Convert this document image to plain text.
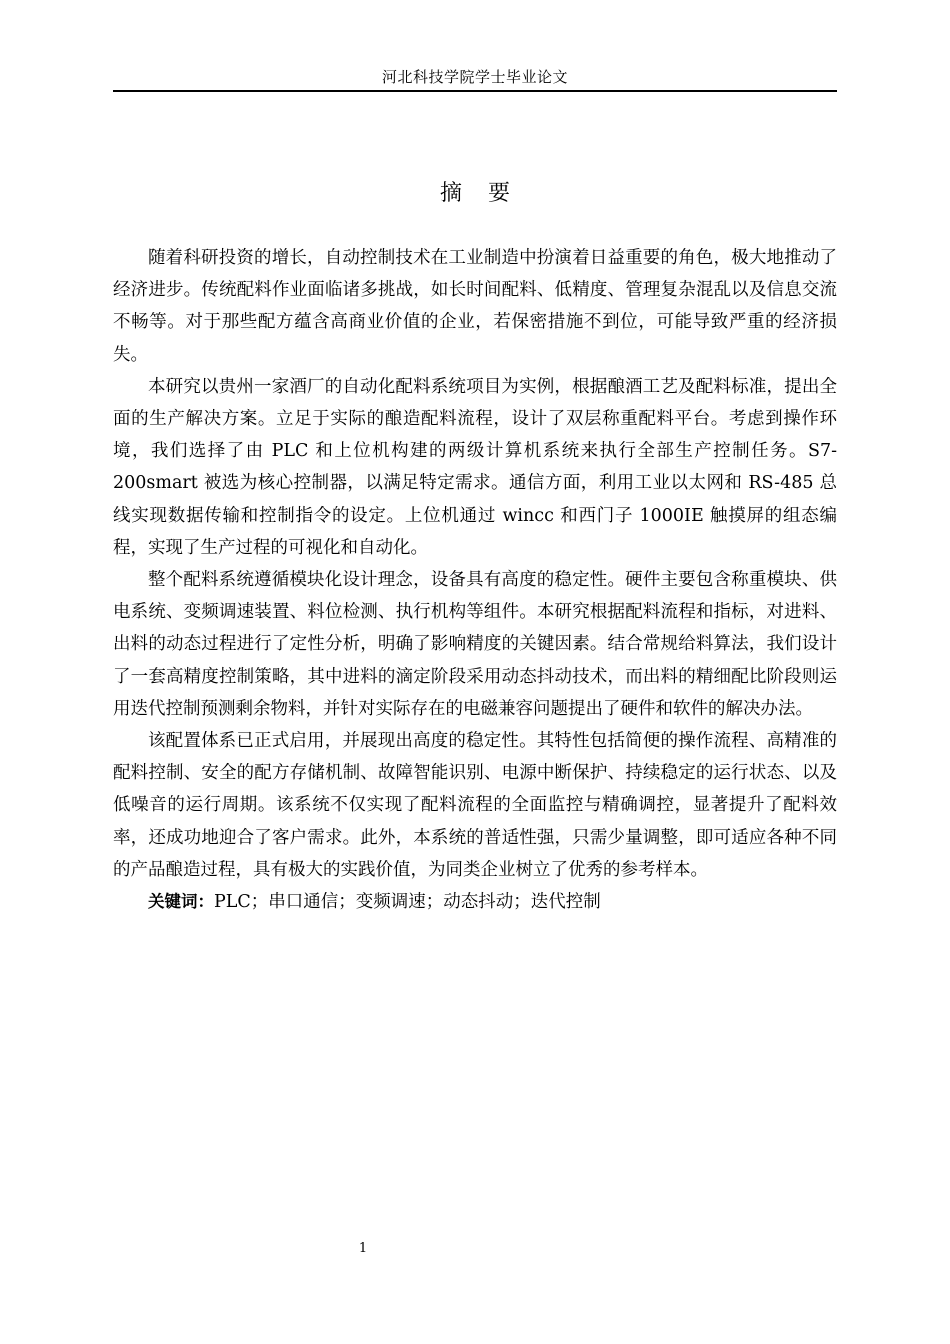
河北科技学院学士毕业论文
摘要

随着科研投资的增长，自动控制技术在工业制造中扮演着日益重要的角色，极大地推动了经济进步。传统配料作业面临诸多挑战，如长时间配料、低精度、管理复杂混乱以及信息交流不畅等。对于那些配方蕴含高商业价值的企业，若保密措施不到位，可能导致严重的经济损失。

本研究以贵州一家酒厂的自动化配料系统项目为实例，根据酿酒工艺及配料标准，提出全面的生产解决方案。立足于实际的酿造配料流程，设计了双层称重配料平台。考虑到操作环境，我们选择了由 PLC 和上位机构建的两级计算机系统来执行全部生产控制任务。S7-200smart 被选为核心控制器，以满足特定需求。通信方面，利用工业以太网和 RS-485 总线实现数据传输和控制指令的设定。上位机通过 wincc 和西门子 1000IE 触摸屏的组态编程，实现了生产过程的可视化和自动化。

整个配料系统遵循模块化设计理念，设备具有高度的稳定性。硬件主要包含称重模块、供电系统、变频调速装置、料位检测、执行机构等组件。本研究根据配料流程和指标，对进料、出料的动态过程进行了定性分析，明确了影响精度的关键因素。结合常规给料算法，我们设计了一套高精度控制策略，其中进料的滴定阶段采用动态抖动技术，而出料的精细配比阶段则运用迭代控制预测剩余物料，并针对实际存在的电磁兼容问题提出了硬件和软件的解决办法。

该配置体系已正式启用，并展现出高度的稳定性。其特性包括简便的操作流程、高精准的配料控制、安全的配方存储机制、故障智能识别、电源中断保护、持续稳定的运行状态、以及低噪音的运行周期。该系统不仅实现了配料流程的全面监控与精确调控，显著提升了配料效率，还成功地迎合了客户需求。此外，本系统的普适性强，只需少量调整，即可适应各种不同的产品酿造过程，具有极大的实践价值，为同类企业树立了优秀的参考样本。

关键词：PLC；串口通信；变频调速；动态抖动；迭代控制

1
